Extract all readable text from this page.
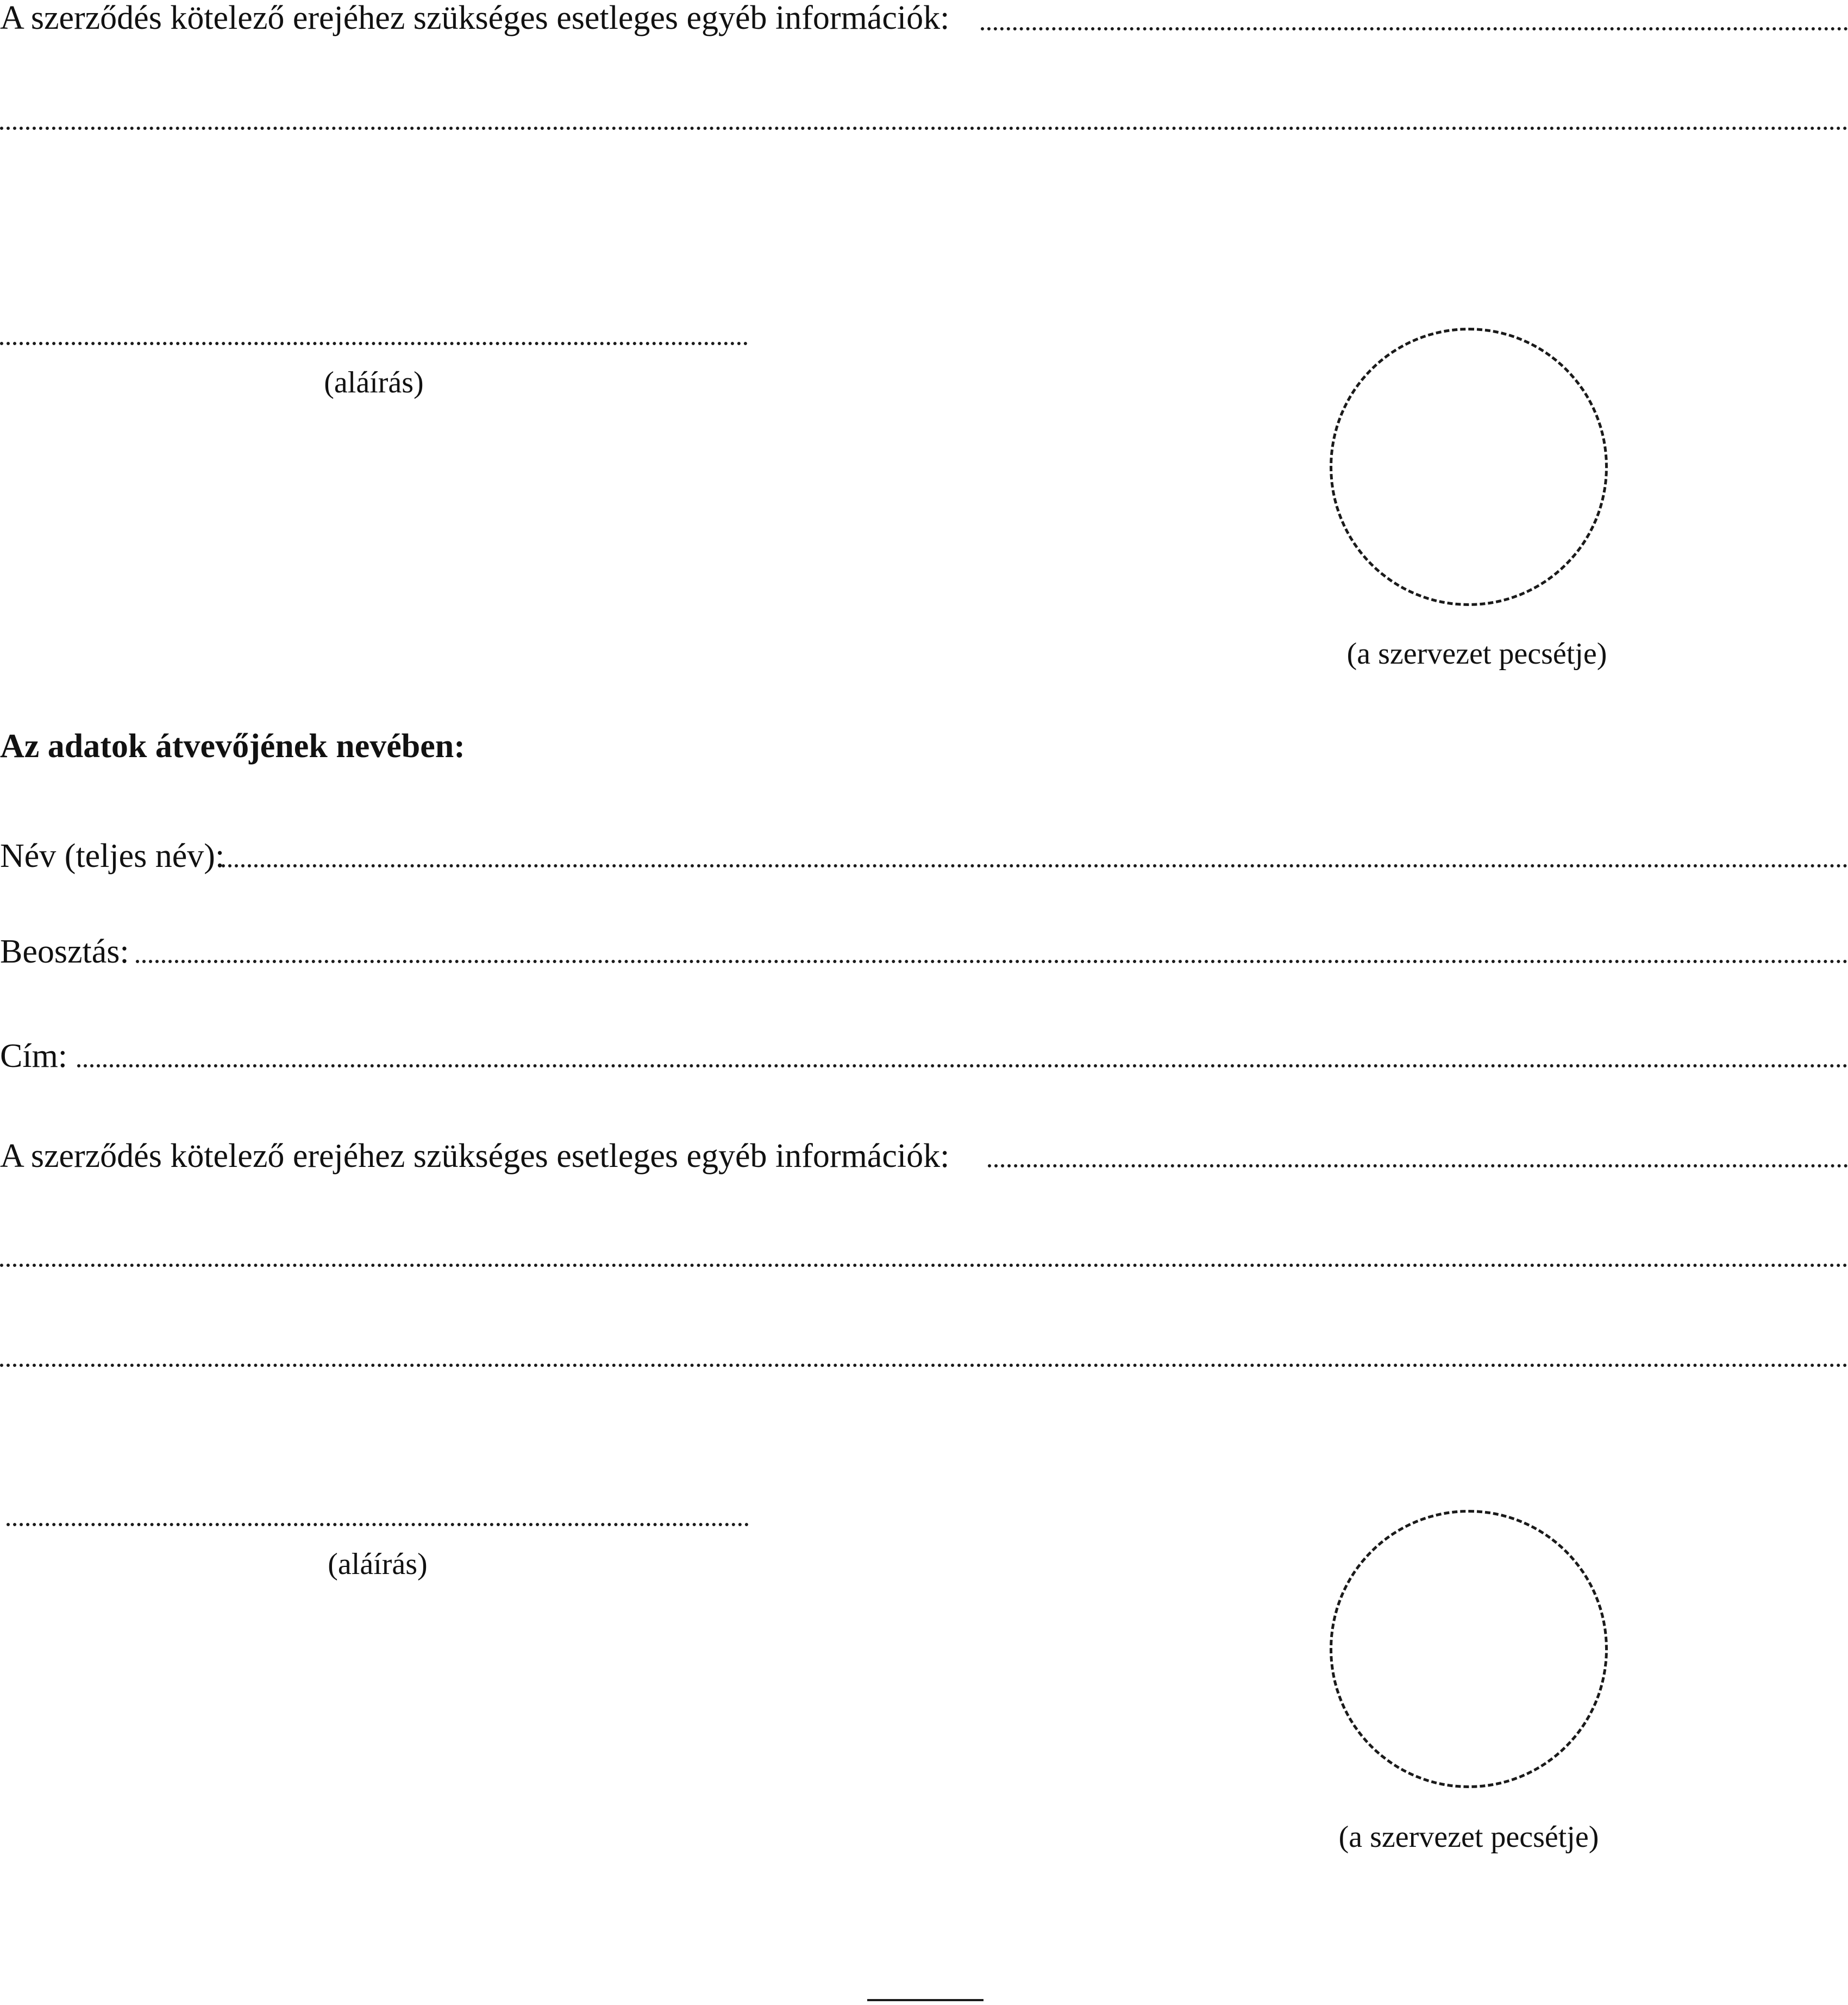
A szerződés kötelező erejéhez szükséges esetleges egyéb információk:
(aláírás)
(a szervezet pecsétje)
Az adatok átvevőjének nevében:
Név (teljes név):
Beosztás:
Cím:
A szerződés kötelező erejéhez szükséges esetleges egyéb információk:
(aláírás)
(a szervezet pecsétje)
